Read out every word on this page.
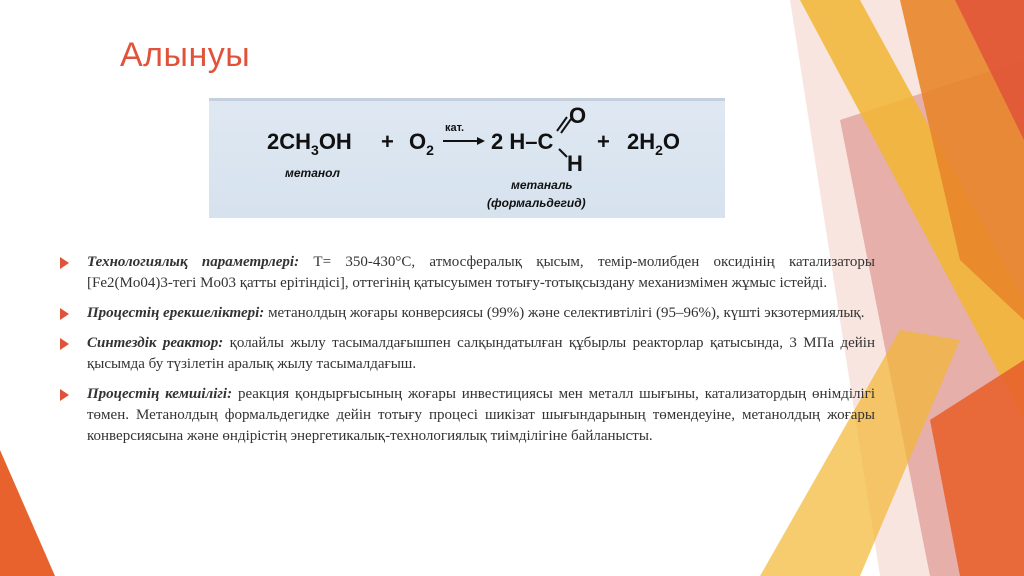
Алынуы
$2CH_3OH + O_2$
кат.
2 H–C
O
H
+ $2H_2O$
метанол
метаналь
(формальдегид)
Технологиялық параметрлері: T= 350-430°C, атмосфералық қысым, темір-молибден оксидінің катализаторы [Fe2(Mo04)3-тегі Mo03 қатты ерітіндісі], оттегінің қатысуымен тотығу-тотықсыздану механизмімен жұмыс істейді.
Процестің ерекшеліктері: метанолдың жоғары конверсиясы (99%) және селективтілігі (95–96%), күшті экзотермиялық.
Синтездік реактор: қолайлы жылу тасымалдағышпен салқындатылған құбырлы реакторлар қатысында, 3 МПа дейін қысымда бу түзілетін аралық жылу тасымалдағыш.
Процестің кемшілігі: реакция қондырғысының жоғары инвестициясы мен металл шығыны, катализатордың өнімділігі төмен. Метанолдың формальдегидке дейін тотығу процесі шикізат шығындарының төмендеуіне, метанолдың жоғары конверсиясына және өндірістің энергетикалық-технологиялық тиімділігіне байланысты.
